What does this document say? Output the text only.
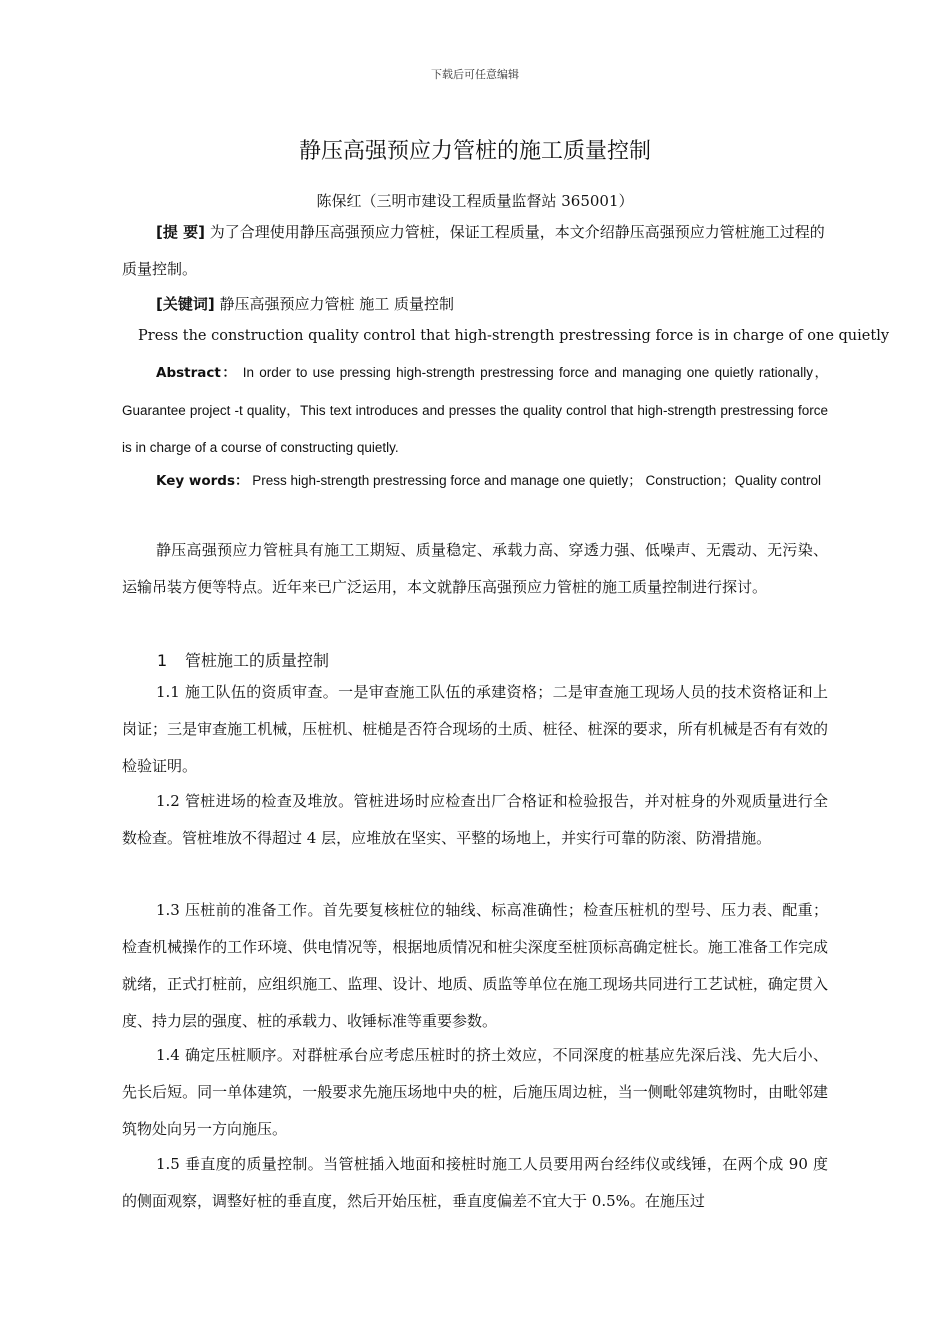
下载后可任意编辑
静压高强预应力管桩的施工质量控制
陈保红（三明市建设工程质量监督站 365001）
[提 要] 为了合理使用静压高强预应力管桩，保证工程质量，本文介绍静压高强预应力管桩施工过程的质量控制。
[关键词] 静压高强预应力管桩 施工 质量控制
Press the construction quality control that high-strength prestressing force is in charge of one quietly
Abstract： In order to use pressing high-strength prestressing force and managing one quietly rationally，Guarantee project -t quality，This text introduces and presses the quality control that high-strength prestressing force is in charge of a course of constructing quietly.
Key words： Press high-strength prestressing force and manage one quietly； Construction；Quality control
静压高强预应力管桩具有施工工期短、质量稳定、承载力高、穿透力强、低噪声、无震动、无污染、运输吊装方便等特点。近年来已广泛运用，本文就静压高强预应力管桩的施工质量控制进行探讨。
1 管桩施工的质量控制
1.1 施工队伍的资质审查。一是审查施工队伍的承建资格；二是审查施工现场人员的技术资格证和上岗证；三是审查施工机械，压桩机、桩槌是否符合现场的土质、桩径、桩深的要求，所有机械是否有有效的检验证明。
1.2 管桩进场的检查及堆放。管桩进场时应检查出厂合格证和检验报告，并对桩身的外观质量进行全数检查。管桩堆放不得超过 4 层，应堆放在坚实、平整的场地上，并实行可靠的防滚、防滑措施。
1.3 压桩前的准备工作。首先要复核桩位的轴线、标高准确性；检查压桩机的型号、压力表、配重；检查机械操作的工作环境、供电情况等，根据地质情况和桩尖深度至桩顶标高确定桩长。施工准备工作完成就绪，正式打桩前，应组织施工、监理、设计、地质、质监等单位在施工现场共同进行工艺试桩，确定贯入度、持力层的强度、桩的承载力、收锤标准等重要参数。
1.4 确定压桩顺序。对群桩承台应考虑压桩时的挤土效应，不同深度的桩基应先深后浅、先大后小、先长后短。同一单体建筑，一般要求先施压场地中央的桩，后施压周边桩，当一侧毗邻建筑物时，由毗邻建筑物处向另一方向施压。
1.5 垂直度的质量控制。当管桩插入地面和接桩时施工人员要用两台经纬仪或线锤，在两个成 90 度的侧面观察，调整好桩的垂直度，然后开始压桩，垂直度偏差不宜大于 0.5%。在施压过
